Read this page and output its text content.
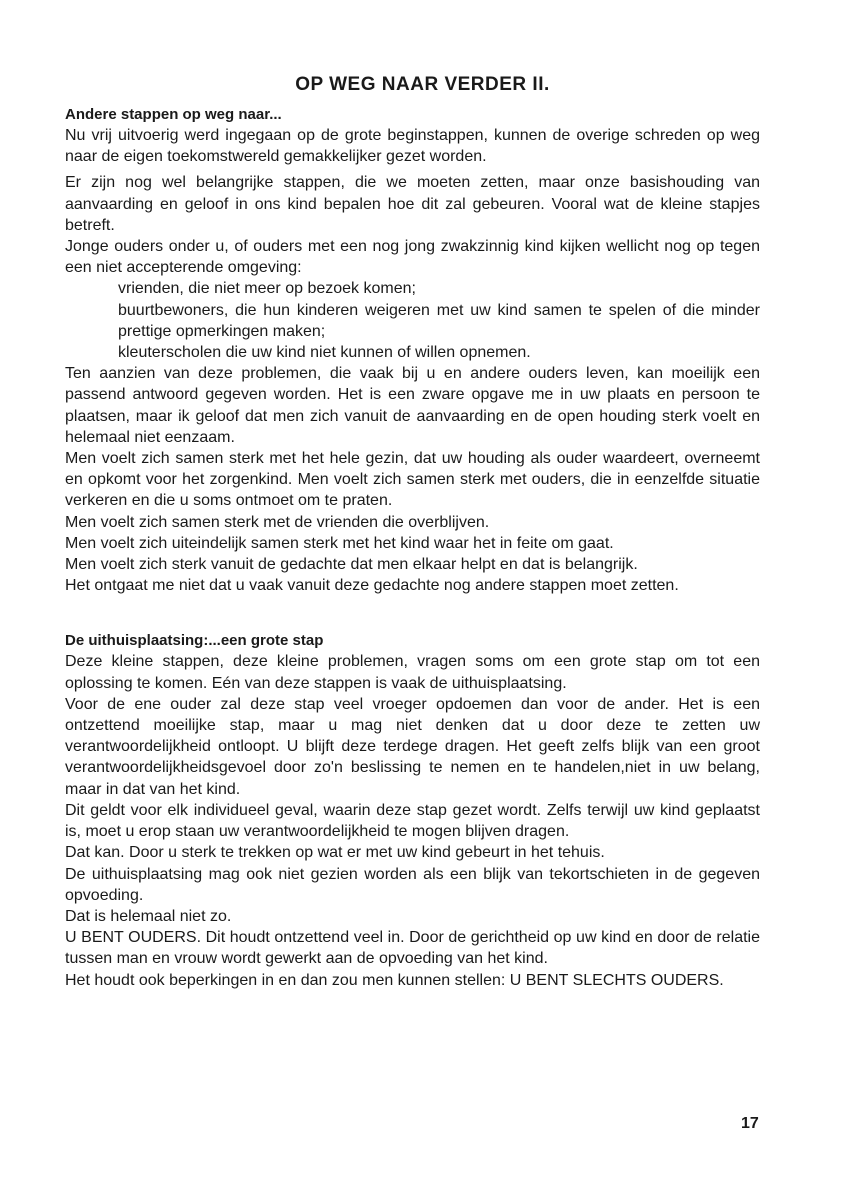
OP WEG NAAR VERDER II.

Andere stappen op weg naar...

Nu vrij uitvoerig werd ingegaan op de grote beginstappen, kunnen de overige schreden op weg naar de eigen toekomstwereld gemakkelijker gezet worden.

Er zijn nog wel belangrijke stappen, die we moeten zetten, maar onze basishouding van aanvaarding en geloof in ons kind bepalen hoe dit zal gebeuren. Vooral wat de kleine stapjes betreft.

Jonge ouders onder u, of ouders met een nog jong zwakzinnig kind kijken wellicht nog op tegen een niet accepterende omgeving:

vrienden, die niet meer op bezoek komen;

buurtbewoners, die hun kinderen weigeren met uw kind samen te spelen of die minder prettige opmerkingen maken;

kleuterscholen die uw kind niet kunnen of willen opnemen.

Ten aanzien van deze problemen, die vaak bij u en andere ouders leven, kan moeilijk een passend antwoord gegeven worden. Het is een zware opgave me in uw plaats en persoon te plaatsen, maar ik geloof dat men zich vanuit de aanvaarding en de open houding sterk voelt en helemaal niet eenzaam.

Men voelt zich samen sterk met het hele gezin, dat uw houding als ouder waardeert, overneemt en opkomt voor het zorgenkind. Men voelt zich samen sterk met ouders, die in eenzelfde situatie verkeren en die u soms ontmoet om te praten.

Men voelt zich samen sterk met de vrienden die overblijven.

Men voelt zich uiteindelijk samen sterk met het kind waar het in feite om gaat.

Men voelt zich sterk vanuit de gedachte dat men elkaar helpt en dat is belangrijk.

Het ontgaat me niet dat u vaak vanuit deze gedachte nog andere stappen moet zetten.

De uithuisplaatsing:...een grote stap

Deze kleine stappen, deze kleine problemen, vragen soms om een grote stap om tot een oplossing te komen. Eén van deze stappen is vaak de uithuisplaatsing.

Voor de ene ouder zal deze stap veel vroeger opdoemen dan voor de ander. Het is een ontzettend moeilijke stap, maar u mag niet denken dat u door deze te zetten uw verantwoordelijkheid ontloopt. U blijft deze terdege dragen. Het geeft zelfs blijk van een groot verantwoordelijkheidsgevoel door zo'n beslissing te nemen en te handelen,niet in uw belang, maar in dat van het kind.

Dit geldt voor elk individueel geval, waarin deze stap gezet wordt. Zelfs terwijl uw kind geplaatst is, moet u erop staan uw verantwoordelijkheid te mogen blijven dragen.

Dat kan. Door u sterk te trekken op wat er met uw kind gebeurt in het tehuis.

De uithuisplaatsing mag ook niet gezien worden als een blijk van tekortschieten in de gegeven opvoeding.

Dat is helemaal niet zo.

U BENT OUDERS. Dit houdt ontzettend veel in. Door de gerichtheid op uw kind en door de relatie tussen man en vrouw wordt gewerkt aan de opvoeding van het kind.

Het houdt ook beperkingen in en dan zou men kunnen stellen: U BENT SLECHTS OUDERS.

17
